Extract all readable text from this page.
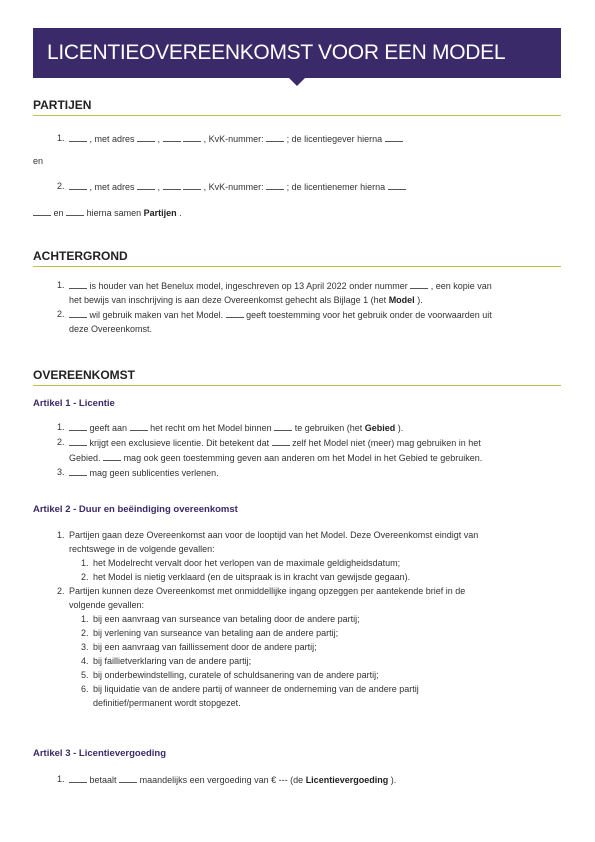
LICENTIEOVEREENKOMST VOOR EEN MODEL
PARTIJEN
1. , met adres  ,	, KvK-nummer:  ; de licentiegever hierna
en
2. , met adres  ,	, KvK-nummer:  ; de licentienemer hierna
en	hierna samen Partijen .
ACHTERGROND
1.	is houder van het Benelux model, ingeschreven op 13 April 2022 onder nummer	, een kopie van
het bewijs van inschrijving is aan deze Overeenkomst gehecht als Bijlage 1 (het Model ).
2.	wil gebruik maken van het Model.	geeft toestemming voor het gebruik onder de voorwaarden uit
deze Overeenkomst.
OVEREENKOMST
Artikel 1 - Licentie
1.	geeft aan	het recht om het Model binnen	te gebruiken (het Gebied ).
2.	krijgt een exclusieve licentie. Dit betekent dat	zelf het Model niet (meer) mag gebruiken in het
Gebied.	mag ook geen toestemming geven aan anderen om het Model in het Gebied te gebruiken.
3.	mag geen sublicenties verlenen.
Artikel 2 - Duur en beëindiging overeenkomst
1. Partijen gaan deze Overeenkomst aan voor de looptijd van het Model. Deze Overeenkomst eindigt van
rechtswege in de volgende gevallen:
1. het Modelrecht vervalt door het verlopen van de maximale geldigheidsdatum;
2. het Model is nietig verklaard (en de uitspraak is in kracht van gewijsde gegaan).
2. Partijen kunnen deze Overeenkomst met onmiddellijke ingang opzeggen per aantekende brief in de
volgende gevallen:
1. bij een aanvraag van surseance van betaling door de andere partij;
2. bij verlening van surseance van betaling aan de andere partij;
3. bij een aanvraag van faillissement door de andere partij;
4. bij faillietverklaring van de andere partij;
5. bij onderbewindstelling, curatele of schuldsanering van de andere partij;
6. bij liquidatie van de andere partij of wanneer de onderneming van de andere partij
definitief/permanent wordt stopgezet.
Artikel 3 - Licentievergoeding
1.	betaalt	maandelijks een vergoeding van € --- (de Licentievergoeding ).
